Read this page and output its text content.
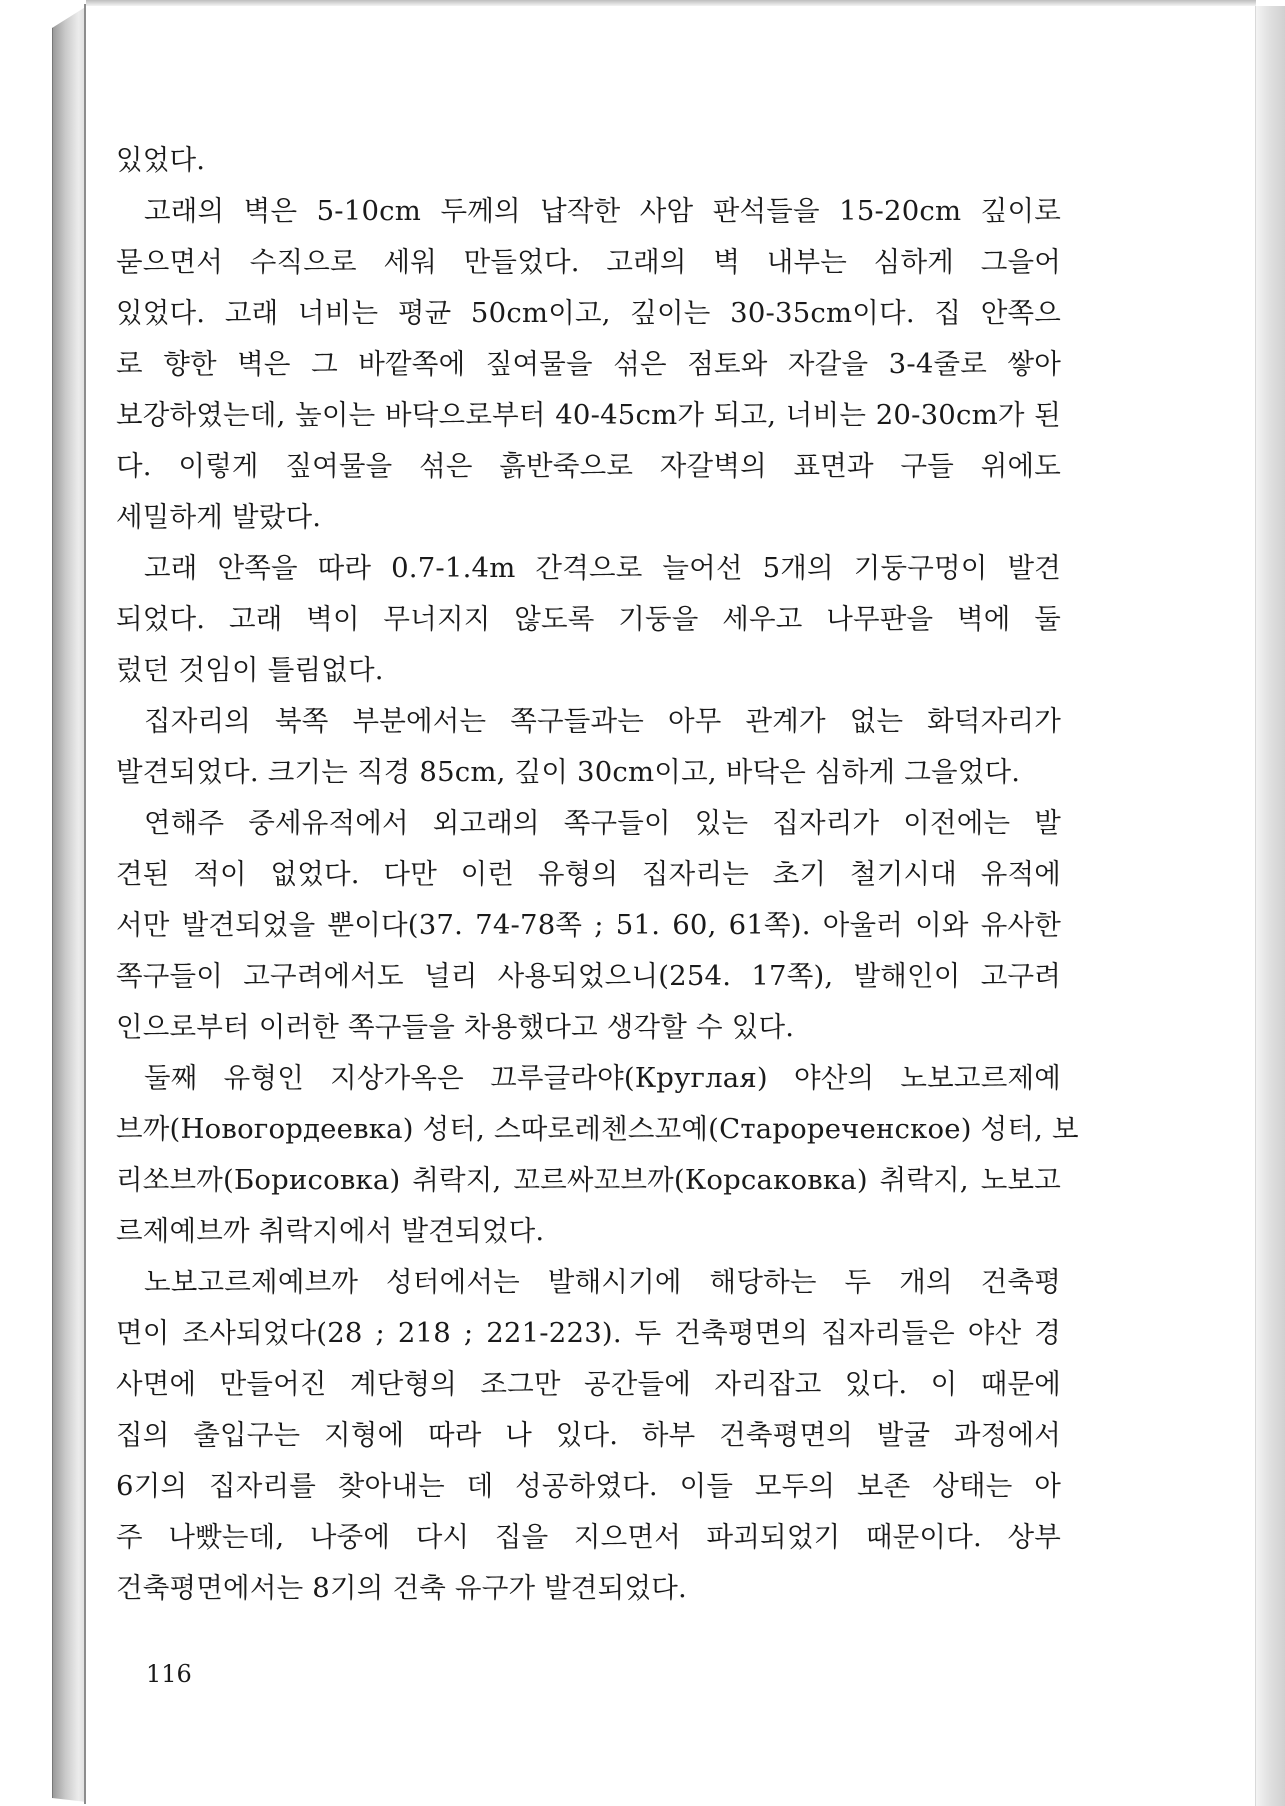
있었다.
고래의 벽은 5-10cm 두께의 납작한 사암 판석들을 15-20cm 깊이로
묻으면서 수직으로 세워 만들었다. 고래의 벽 내부는 심하게 그을어
있었다. 고래 너비는 평균 50cm이고, 깊이는 30-35cm이다. 집 안쪽으
로 향한 벽은 그 바깥쪽에 짚여물을 섞은 점토와 자갈을 3-4줄로 쌓아
보강하였는데, 높이는 바닥으로부터 40-45cm가 되고, 너비는 20-30cm가 된
다. 이렇게 짚여물을 섞은 흙반죽으로 자갈벽의 표면과 구들 위에도
세밀하게 발랐다.
고래 안쪽을 따라 0.7-1.4m 간격으로 늘어선 5개의 기둥구멍이 발견
되었다. 고래 벽이 무너지지 않도록 기둥을 세우고 나무판을 벽에 둘
렀던 것임이 틀림없다.
집자리의 북쪽 부분에서는 쪽구들과는 아무 관계가 없는 화덕자리가
발견되었다. 크기는 직경 85cm, 깊이 30cm이고, 바닥은 심하게 그을었다.
연해주 중세유적에서 외고래의 쪽구들이 있는 집자리가 이전에는 발
견된 적이 없었다. 다만 이런 유형의 집자리는 초기 철기시대 유적에
서만 발견되었을 뿐이다(37. 74-78쪽 ; 51. 60, 61쪽). 아울러 이와 유사한
쪽구들이 고구려에서도 널리 사용되었으니(254. 17쪽), 발해인이 고구려
인으로부터 이러한 쪽구들을 차용했다고 생각할 수 있다.
둘째 유형인 지상가옥은 끄루글라야(Круглая) 야산의 노보고르제예
브까(Новогордеевка) 성터, 스따로레첸스꼬예(Старореченское) 성터, 보
리쏘브까(Борисовка) 취락지, 꼬르싸꼬브까(Корсаковка) 취락지, 노보고
르제예브까 취락지에서 발견되었다.
노보고르제예브까 성터에서는 발해시기에 해당하는 두 개의 건축평
면이 조사되었다(28 ; 218 ; 221-223). 두 건축평면의 집자리들은 야산 경
사면에 만들어진 계단형의 조그만 공간들에 자리잡고 있다. 이 때문에
집의 출입구는 지형에 따라 나 있다. 하부 건축평면의 발굴 과정에서
6기의 집자리를 찾아내는 데 성공하였다. 이들 모두의 보존 상태는 아
주 나빴는데, 나중에 다시 집을 지으면서 파괴되었기 때문이다. 상부
건축평면에서는 8기의 건축 유구가 발견되었다.
116
